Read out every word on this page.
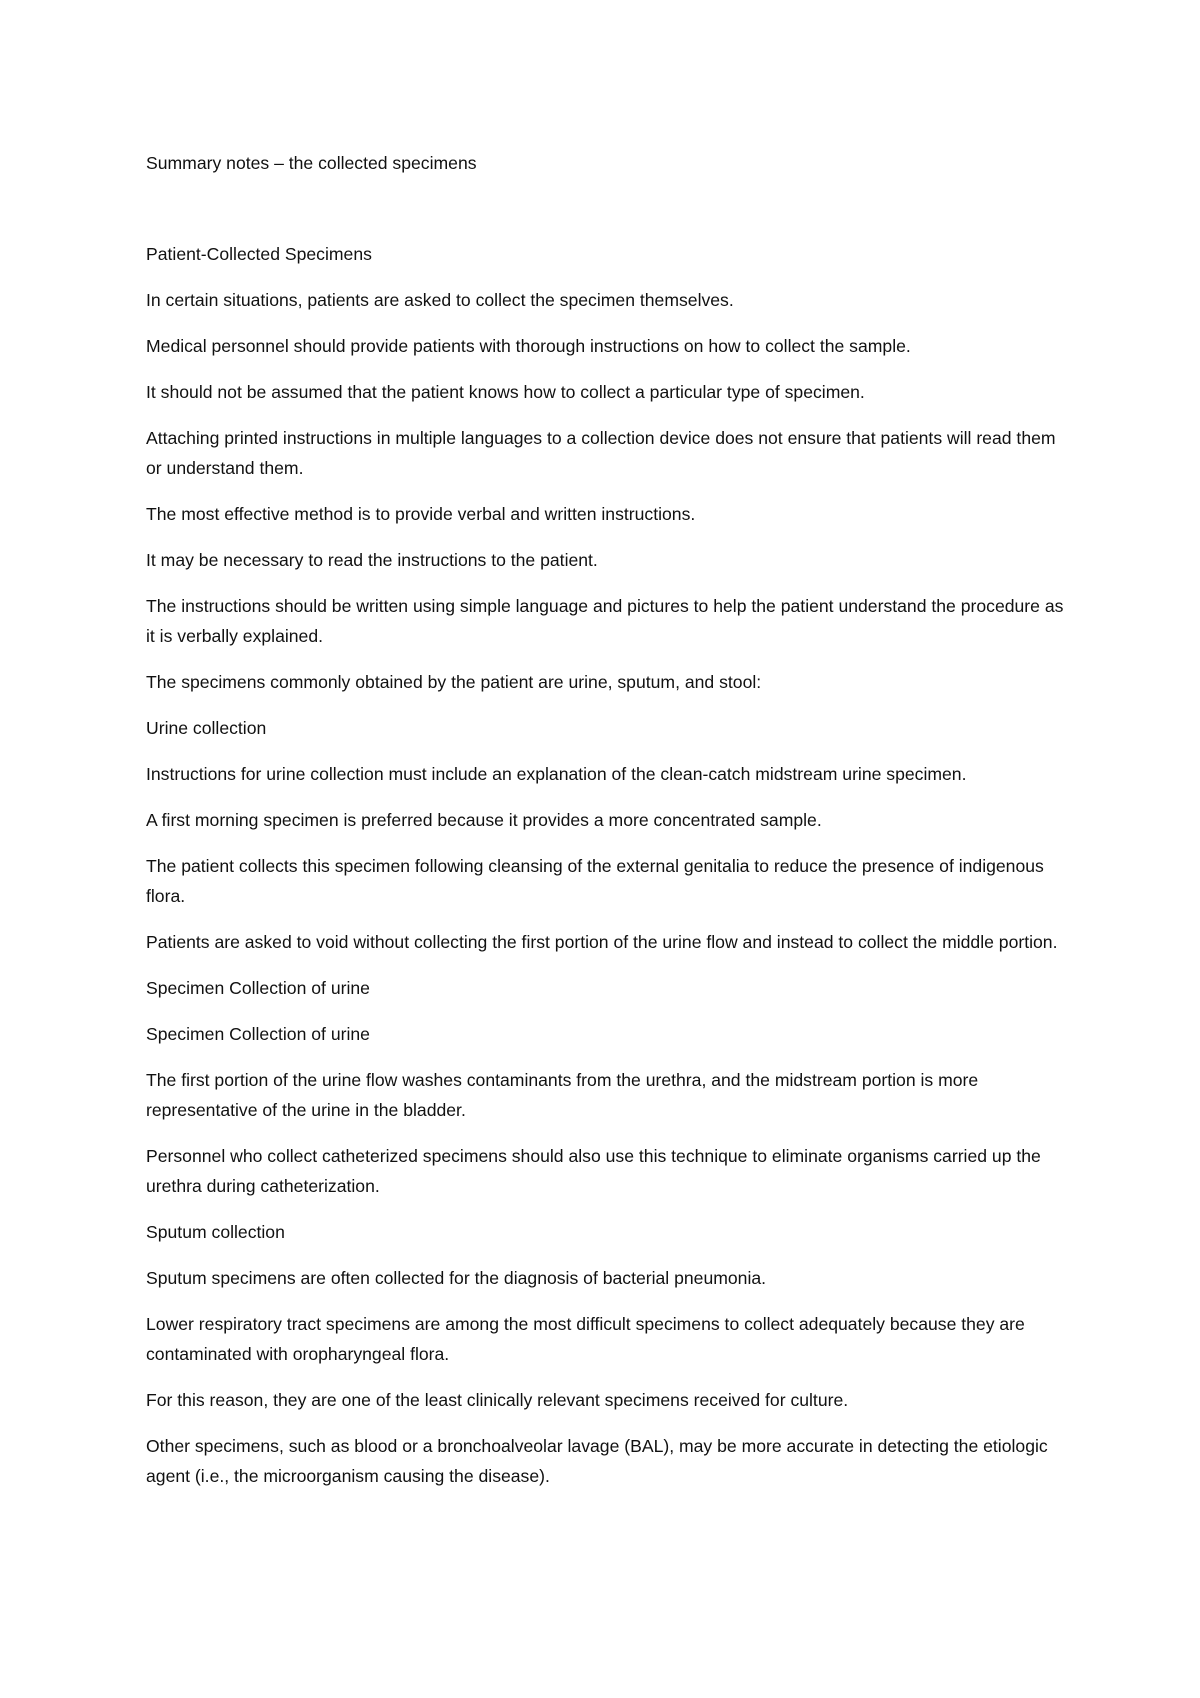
Summary notes – the collected specimens

Patient-Collected Specimens

In certain situations, patients are asked to collect the specimen themselves.

Medical personnel should provide patients with thorough instructions on how to collect the sample.

It should not be assumed that the patient knows how to collect a particular type of specimen.

Attaching printed instructions in multiple languages to a collection device does not ensure that patients will read them or understand them.

The most effective method is to provide verbal and written instructions.

It may be necessary to read the instructions to the patient.

The instructions should be written using simple language and pictures to help the patient understand the procedure as it is verbally explained.

The specimens commonly obtained by the patient are urine, sputum, and stool:

Urine collection

Instructions for urine collection must include an explanation of the clean-catch midstream urine specimen.

A first morning specimen is preferred because it provides a more concentrated sample.

The patient collects this specimen following cleansing of the external genitalia to reduce the presence of indigenous flora.

Patients are asked to void without collecting the first portion of the urine flow and instead to collect the middle portion.

Specimen Collection of urine

Specimen Collection of urine

The first portion of the urine flow washes contaminants from the urethra, and the midstream portion is more representative of the urine in the bladder.

Personnel who collect catheterized specimens should also use this technique to eliminate organisms carried up the urethra during catheterization.

Sputum collection

Sputum specimens are often collected for the diagnosis of bacterial pneumonia.

Lower respiratory tract specimens are among the most difficult specimens to collect adequately because they are contaminated with oropharyngeal flora.

For this reason, they are one of the least clinically relevant specimens received for culture.

Other specimens, such as blood or a bronchoalveolar lavage (BAL), may be more accurate in detecting the etiologic agent (i.e., the microorganism causing the disease).
